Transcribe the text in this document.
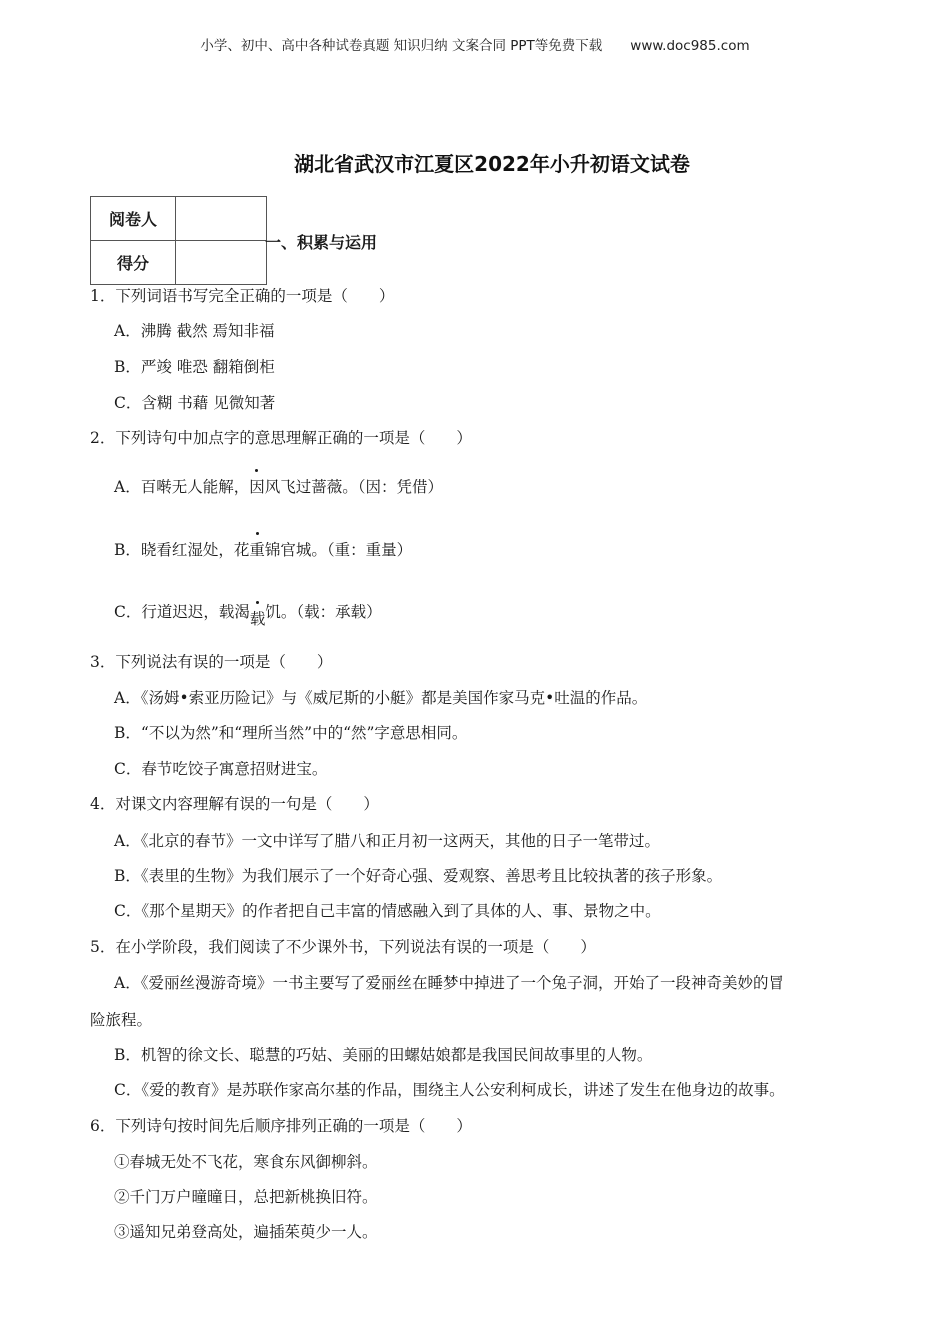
小学、初中、高中各种试卷真题 知识归纳 文案合同 PPT等免费下载 www.doc985.com
湖北省武汉市江夏区2022年小升初语文试卷
阅卷人	
得分	
一、积累与运用
1．下列词语书写完全正确的一项是（　　）
A．沸腾 截然 焉知非福
B．严竣 唯恐 翻箱倒柜
C．含糊 书藉 见微知著
2．下列诗句中加点字的意思理解正确的一项是（　　）
A．百啭无人能解，因风飞过蔷薇。（因：凭借）
B．晓看红湿处，花重锦官城。（重：重量）
C．行道迟迟，载渴载饥。（载：承载）
3．下列说法有误的一项是（　　）
A．《汤姆•索亚历险记》与《威尼斯的小艇》都是美国作家马克•吐温的作品。
B．“不以为然”和“理所当然”中的“然”字意思相同。
C．春节吃饺子寓意招财进宝。
4．对课文内容理解有误的一句是（　　）
A．《北京的春节》一文中详写了腊八和正月初一这两天，其他的日子一笔带过。
B．《表里的生物》为我们展示了一个好奇心强、爱观察、善思考且比较执著的孩子形象。
C．《那个星期天》的作者把自己丰富的情感融入到了具体的人、事、景物之中。
5．在小学阶段，我们阅读了不少课外书，下列说法有误的一项是（　　）
A．《爱丽丝漫游奇境》一书主要写了爱丽丝在睡梦中掉进了一个兔子洞，开始了一段神奇美妙的冒
险旅程。
B．机智的徐文长、聪慧的巧姑、美丽的田螺姑娘都是我国民间故事里的人物。
C．《爱的教育》是苏联作家高尔基的作品，围绕主人公安利柯成长，讲述了发生在他身边的故事。
6．下列诗句按时间先后顺序排列正确的一项是（　　）
①春城无处不飞花，寒食东风御柳斜。
②千门万户曈曈日，总把新桃换旧符。
③遥知兄弟登高处，遍插茱萸少一人。
